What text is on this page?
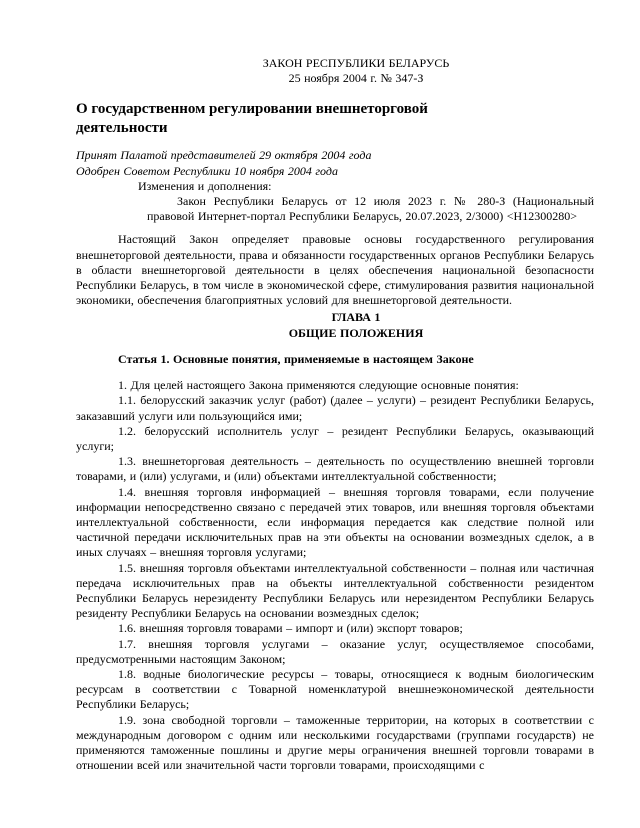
ЗАКОН РЕСПУБЛИКИ БЕЛАРУСЬ

25 ноября 2004 г. № 347-З

О государственном регулировании внешнеторговой деятельности

Принят Палатой представителей 29 октября 2004 года

Одобрен Советом Республики 10 ноября 2004 года

Изменения и дополнения:

Закон Республики Беларусь от 12 июля 2023 г. № 280-З (Национальный правовой Интернет-портал Республики Беларусь, 20.07.2023, 2/3000) <H12300280>

Настоящий Закон определяет правовые основы государственного регулирования внешнеторговой деятельности, права и обязанности государственных органов Республики Беларусь в области внешнеторговой деятельности в целях обеспечения национальной безопасности Республики Беларусь, в том числе в экономической сфере, стимулирования развития национальной экономики, обеспечения благоприятных условий для внешнеторговой деятельности.

ГЛАВА 1

ОБЩИЕ ПОЛОЖЕНИЯ

Статья 1. Основные понятия, применяемые в настоящем Законе

1. Для целей настоящего Закона применяются следующие основные понятия:

1.1. белорусский заказчик услуг (работ) (далее – услуги) – резидент Республики Беларусь, заказавший услуги или пользующийся ими;

1.2. белорусский исполнитель услуг – резидент Республики Беларусь, оказывающий услуги;

1.3. внешнеторговая деятельность – деятельность по осуществлению внешней торговли товарами, и (или) услугами, и (или) объектами интеллектуальной собственности;

1.4. внешняя торговля информацией – внешняя торговля товарами, если получение информации непосредственно связано с передачей этих товаров, или внешняя торговля объектами интеллектуальной собственности, если информация передается как следствие полной или частичной передачи исключительных прав на эти объекты на основании возмездных сделок, а в иных случаях – внешняя торговля услугами;

1.5. внешняя торговля объектами интеллектуальной собственности – полная или частичная передача исключительных прав на объекты интеллектуальной собственности резидентом Республики Беларусь нерезиденту Республики Беларусь или нерезидентом Республики Беларусь резиденту Республики Беларусь на основании возмездных сделок;

1.6. внешняя торговля товарами – импорт и (или) экспорт товаров;

1.7. внешняя торговля услугами – оказание услуг, осуществляемое способами, предусмотренными настоящим Законом;

1.8. водные биологические ресурсы – товары, относящиеся к водным биологическим ресурсам в соответствии с Товарной номенклатурой внешнеэкономической деятельности Республики Беларусь;

1.9. зона свободной торговли – таможенные территории, на которых в соответствии с международным договором с одним или несколькими государствами (группами государств) не применяются таможенные пошлины и другие меры ограничения внешней торговли товарами в отношении всей или значительной части торговли товарами, происходящими с
